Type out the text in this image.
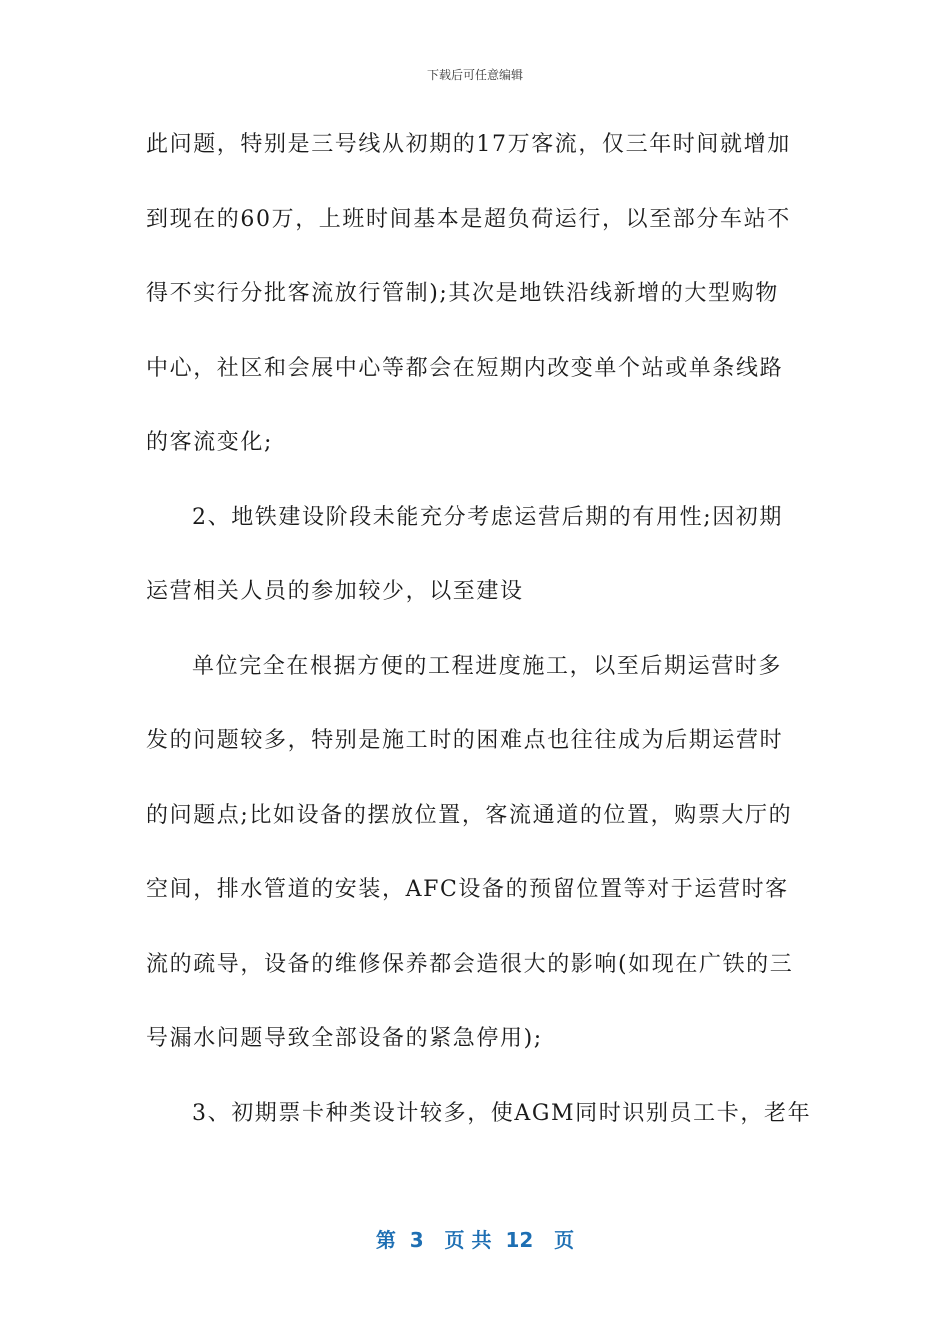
下载后可任意编辑
此问题，特别是三号线从初期的17万客流，仅三年时间就增加
到现在的60万，上班时间基本是超负荷运行，以至部分车站不
得不实行分批客流放行管制);其次是地铁沿线新增的大型购物
中心，社区和会展中心等都会在短期内改变单个站或单条线路
的客流变化;
2、地铁建设阶段未能充分考虑运营后期的有用性;因初期
运营相关人员的参加较少，以至建设
单位完全在根据方便的工程进度施工，以至后期运营时多
发的问题较多，特别是施工时的困难点也往往成为后期运营时
的问题点;比如设备的摆放位置，客流通道的位置，购票大厅的
空间，排水管道的安装，AFC设备的预留位置等对于运营时客
流的疏导，设备的维修保养都会造很大的影响(如现在广铁的三
号漏水问题导致全部设备的紧急停用);
3、初期票卡种类设计较多，使AGM同时识别员工卡，老年
第  3   页 共  12   页
